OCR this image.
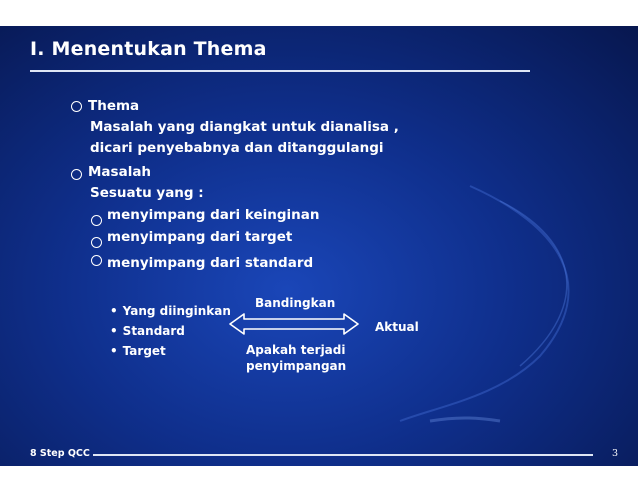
I. Menentukan Thema
Thema
Masalah yang diangkat untuk dianalisa ,
dicari penyebabnya dan ditanggulangi
Masalah
Sesuatu yang :
menyimpang dari keinginan
menyimpang dari target
menyimpang dari standard
• Yang diinginkan
• Standard
• Target
Bandingkan
Aktual
Apakah terjadi
penyimpangan
8 Step QCC	3
